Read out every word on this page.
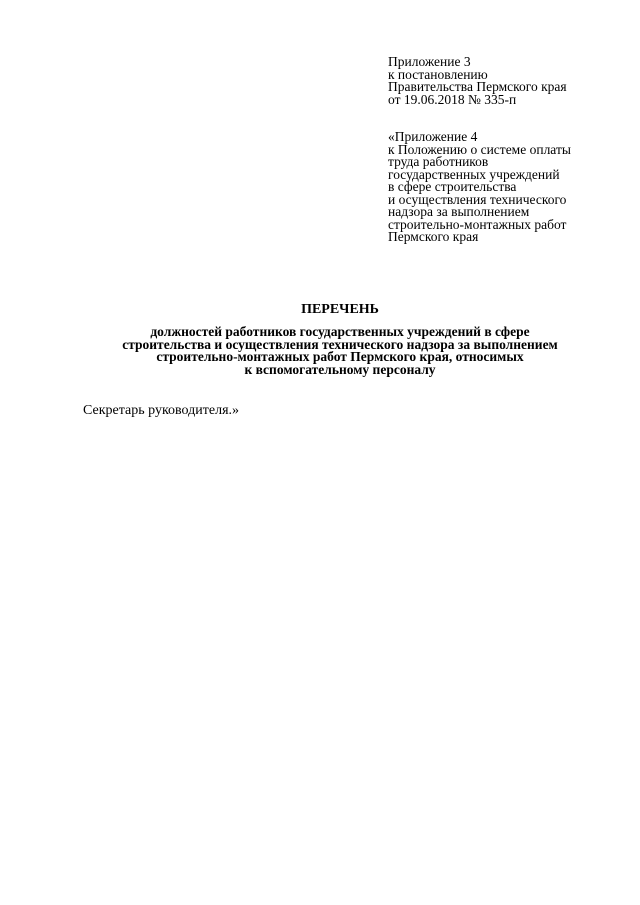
Приложение 3
к постановлению
Правительства Пермского края
от 19.06.2018 № 335-п
«Приложение 4
к Положению о системе оплаты
труда работников
государственных учреждений
в сфере строительства
и осуществления технического
надзора за выполнением
строительно-монтажных работ
Пермского края
ПЕРЕЧЕНЬ
должностей работников государственных учреждений в сфере
строительства и осуществления технического надзора за выполнением
строительно-монтажных работ Пермского края, относимых
к вспомогательному персоналу
Секретарь руководителя.»
